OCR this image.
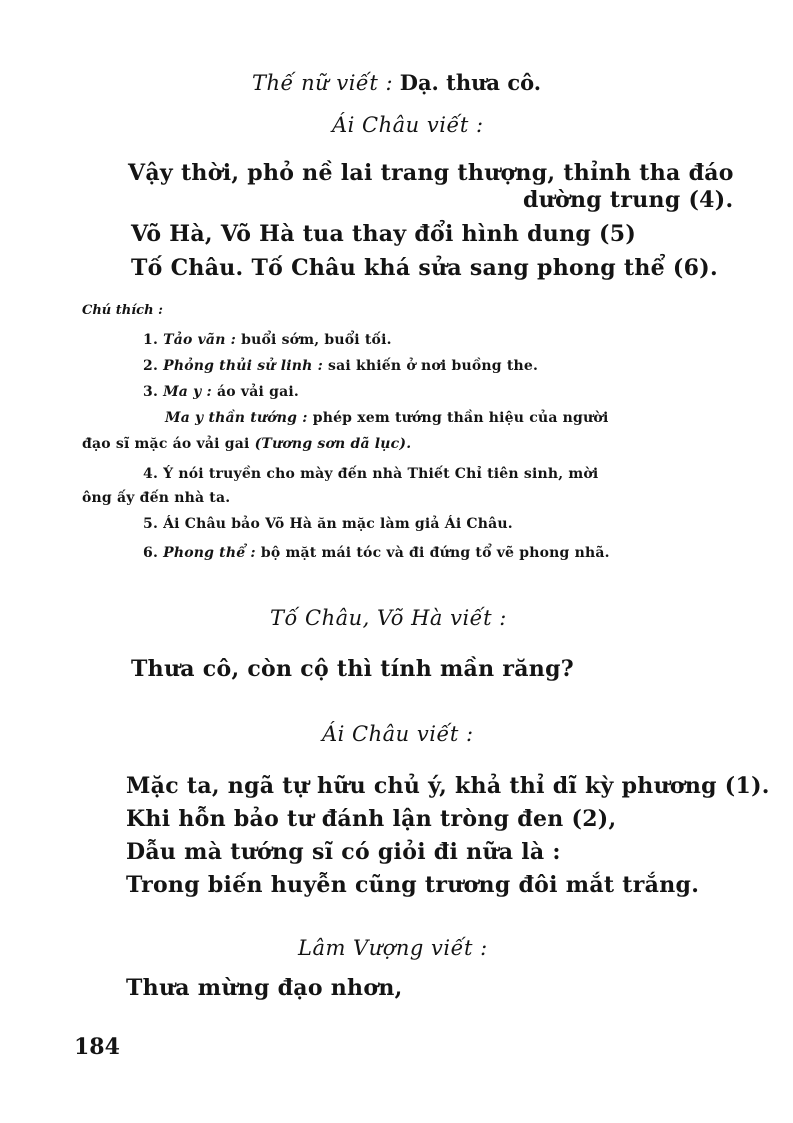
Thế nữ viết : Dạ. thưa cô.
Ái Châu viết :
Vậy thời, phỏ nề lai trang thượng, thỉnh tha đáo
dường trung (4).
Võ Hà, Võ Hà tua thay đổi hình dung (5)
Tố Châu. Tố Châu khá sửa sang phong thể (6).
Chú thích :
1. Tảo vãn : buổi sớm, buổi tối.
2. Phỏng thủi sử linh : sai khiến ở nơi buồng the.
3. Ma y : áo vải gai.
Ma y thần tướng : phép xem tướng thần hiệu của người
đạo sĩ mặc áo vải gai (Tương sơn dã lục).
4. Ý nói truyền cho mày đến nhà Thiết Chỉ tiên sinh, mời
ông ấy đến nhà ta.
5. Ái Châu bảo Võ Hà ăn mặc làm giả Ái Châu.
6. Phong thể : bộ mặt mái tóc và đi đứng tổ vẽ phong nhã.
Tố Châu, Võ Hà viết :
Thưa cô, còn cộ thì tính mần răng?
Ái Châu viết :
Mặc ta, ngã tự hữu chủ ý, khả thỉ dĩ kỳ phương (1).
Khi hỗn bảo tư đánh lận tròng đen (2),
Dẫu mà tướng sĩ có giỏi đi nữa là :
Trong biến huyễn cũng trương đôi mắt trắng.
Lâm Vượng viết :
Thưa mừng đạo nhơn,
184
